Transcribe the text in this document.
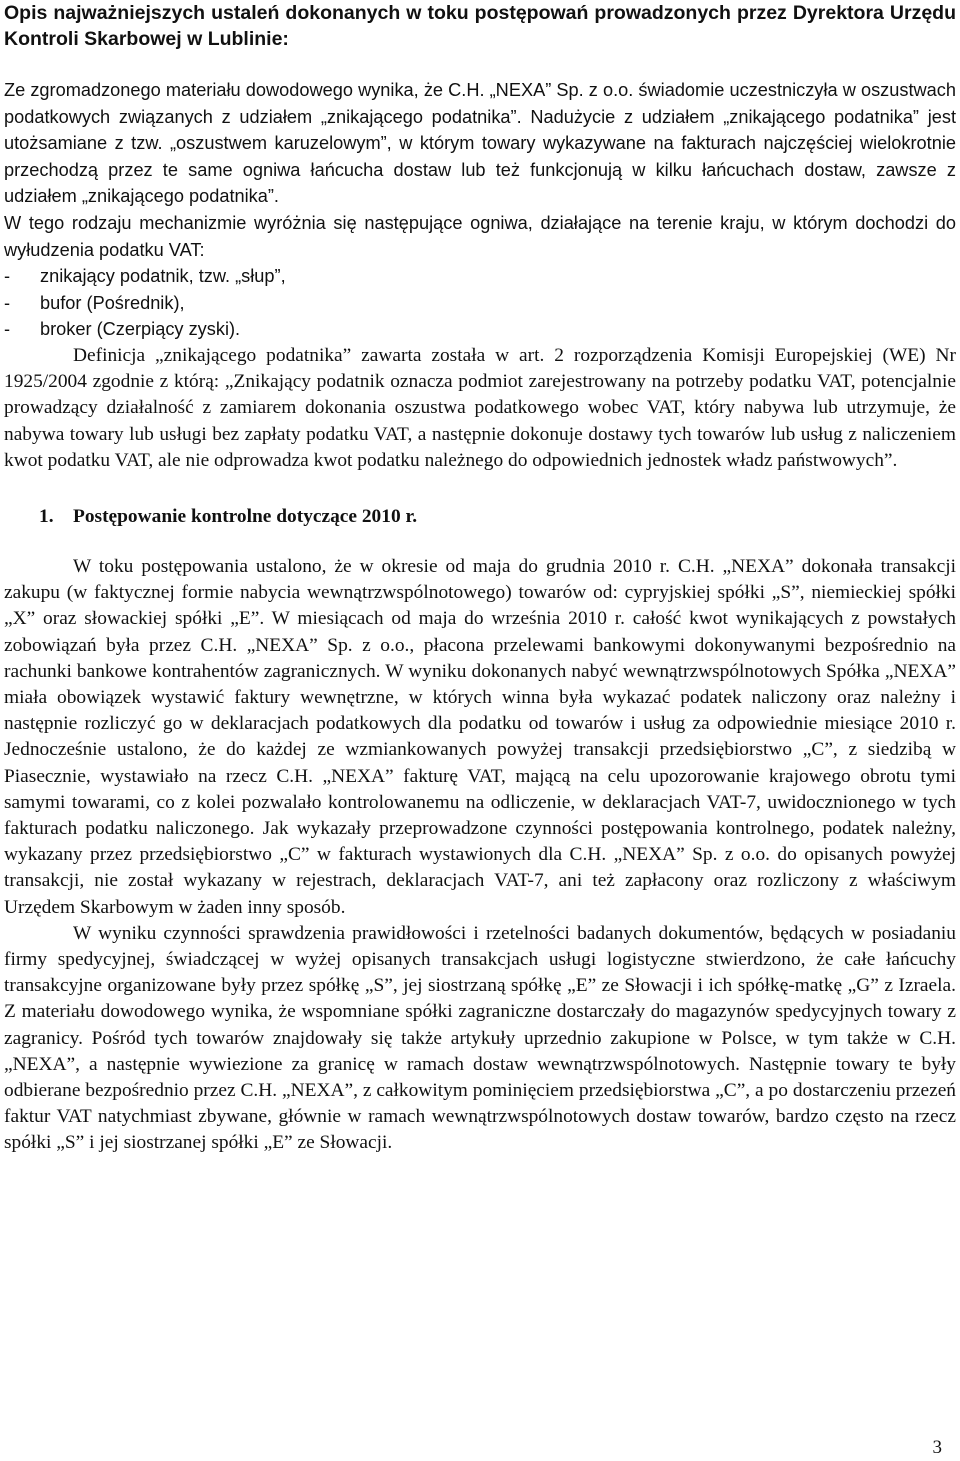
Opis najważniejszych ustaleń dokonanych w toku postępowań prowadzonych przez Dyrektora Urzędu Kontroli Skarbowej w Lublinie:

Ze zgromadzonego materiału dowodowego wynika, że C.H. „NEXA” Sp. z o.o. świadomie uczestniczyła w oszustwach podatkowych związanych z udziałem „znikającego podatnika”. Nadużycie z udziałem „znikającego podatnika” jest utożsamiane z tzw. „oszustwem karuzelowym”, w którym towary wykazywane na fakturach najczęściej wielokrotnie przechodzą przez te same ogniwa łańcucha dostaw lub też funkcjonują w kilku łańcuchach dostaw, zawsze z udziałem „znikającego podatnika”.

W tego rodzaju mechanizmie wyróżnia się następujące ogniwa, działające na terenie kraju, w którym dochodzi do wyłudzenia podatku VAT:

-	znikający podatnik, tzw. „słup”,
-	bufor (Pośrednik),
-	broker (Czerpiący zyski).

Definicja „znikającego podatnika” zawarta została w art. 2 rozporządzenia Komisji Europejskiej (WE) Nr 1925/2004 zgodnie z którą: „Znikający podatnik oznacza podmiot zarejestrowany na potrzeby podatku VAT, potencjalnie prowadzący działalność z zamiarem dokonania oszustwa podatkowego wobec VAT, który nabywa lub utrzymuje, że nabywa towary lub usługi bez zapłaty podatku VAT, a następnie dokonuje dostawy tych towarów lub usług z naliczeniem kwot podatku VAT, ale nie odprowadza kwot podatku należnego do odpowiednich jednostek władz państwowych”.

1. Postępowanie kontrolne dotyczące 2010 r.

W toku postępowania ustalono, że w okresie od maja do grudnia 2010 r. C.H. „NEXA” dokonała transakcji zakupu (w faktycznej formie nabycia wewnątrzwspólnotowego) towarów od: cypryjskiej spółki „S”, niemieckiej spółki „X” oraz słowackiej spółki „E”. W miesiącach od maja do września 2010 r. całość kwot wynikających z powstałych zobowiązań była przez C.H. „NEXA” Sp. z o.o., płacona przelewami bankowymi dokonywanymi bezpośrednio na rachunki bankowe kontrahentów zagranicznych. W wyniku dokonanych nabyć wewnątrzwspólnotowych Spółka „NEXA” miała obowiązek wystawić faktury wewnętrzne, w których winna była wykazać podatek naliczony oraz należny i następnie rozliczyć go w deklaracjach podatkowych dla podatku od towarów i usług za odpowiednie miesiące 2010 r. Jednocześnie ustalono, że do każdej ze wzmiankowanych powyżej transakcji przedsiębiorstwo „C”, z siedzibą w Piasecznie, wystawiało na rzecz C.H. „NEXA” fakturę VAT, mającą na celu upozorowanie krajowego obrotu tymi samymi towarami, co z kolei pozwalało kontrolowanemu na odliczenie, w deklaracjach VAT-7, uwidocznionego w tych fakturach podatku naliczonego. Jak wykazały przeprowadzone czynności postępowania kontrolnego, podatek należny, wykazany przez przedsiębiorstwo „C” w fakturach wystawionych dla C.H. „NEXA” Sp. z o.o. do opisanych powyżej transakcji, nie został wykazany w rejestrach, deklaracjach VAT-7, ani też zapłacony oraz rozliczony z właściwym Urzędem Skarbowym w żaden inny sposób.

W wyniku czynności sprawdzenia prawidłowości i rzetelności badanych dokumentów, będących w posiadaniu firmy spedycyjnej, świadczącej w wyżej opisanych transakcjach usługi logistyczne stwierdzono, że całe łańcuchy transakcyjne organizowane były przez spółkę „S”, jej siostrzaną spółkę „E” ze Słowacji i ich spółkę-matkę „G” z Izraela. Z materiału dowodowego wynika, że wspomniane spółki zagraniczne dostarczały do magazynów spedycyjnych towary z zagranicy. Pośród tych towarów znajdowały się także artykuły uprzednio zakupione w Polsce, w tym także w C.H. „NEXA”, a następnie wywiezione za granicę w ramach dostaw wewnątrzwspólnotowych. Następnie towary te były odbierane bezpośrednio przez C.H. „NEXA”, z całkowitym pominięciem przedsiębiorstwa „C”, a po dostarczeniu przezeń faktur VAT natychmiast zbywane, głównie w ramach wewnątrzwspólnotowych dostaw towarów, bardzo często na rzecz spółki „S” i jej siostrzanej spółki „E” ze Słowacji.

3
